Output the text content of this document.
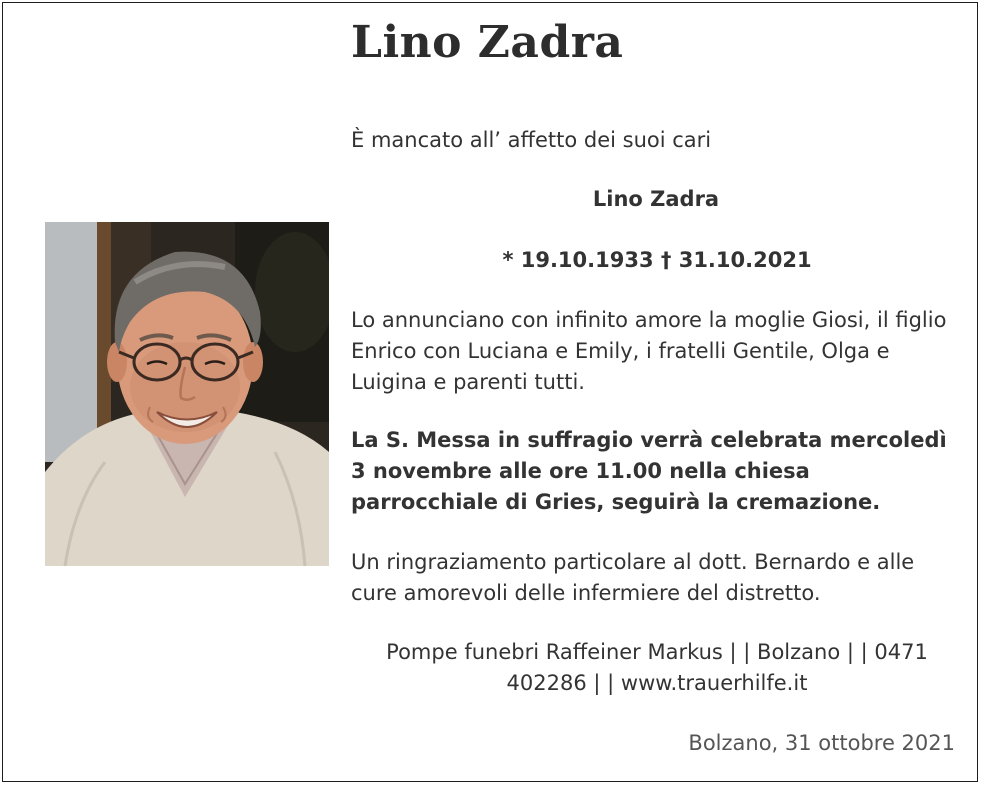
Lino Zadra

È mancato all’ affetto dei suoi cari

* 19.10.1933 † 31.10.2021

Lo annunciano con infinito amore la moglie Giosi, il figlio Enrico con Luciana e Emily, i fratelli Gentile, Olga e Luigina e parenti tutti.

La S. Messa in suffragio verrà celebrata mercoledì 3 novembre alle ore 11.00 nella chiesa parrocchiale di Gries, seguirà la cremazione.

Un ringraziamento particolare al dott. Bernardo e alle cure amorevoli delle infermiere del distretto.

Pompe funebri Raffeiner Markus | | Bolzano | | 0471 402286 | | www.trauerhilfe.it

Bolzano, 31 ottobre 2021

Lino Zadra
